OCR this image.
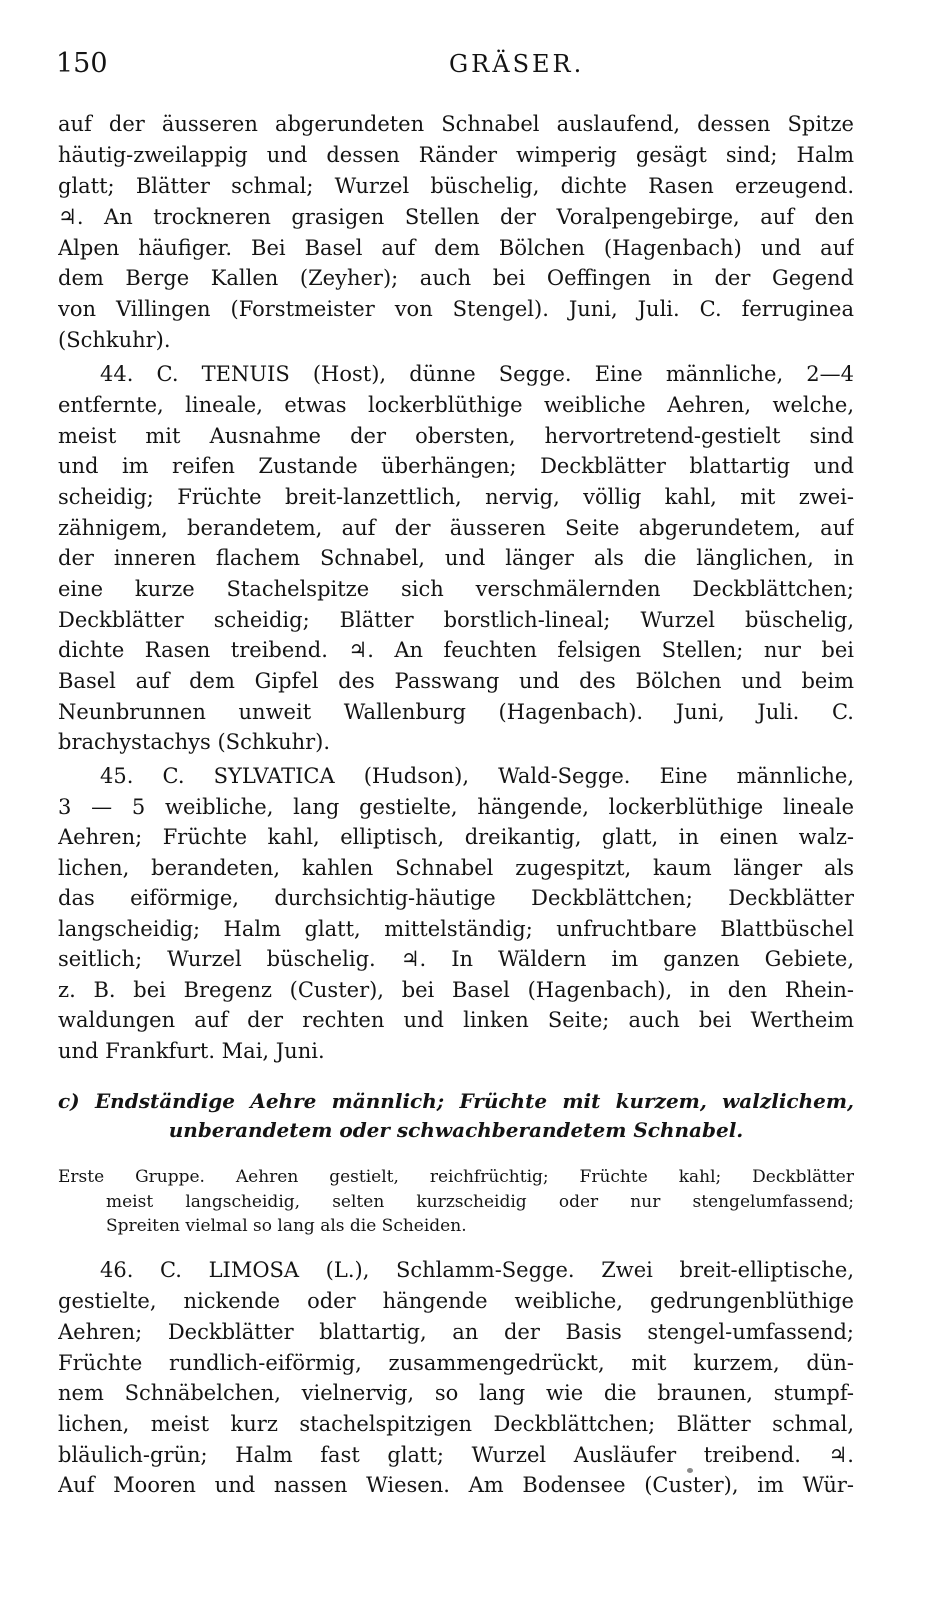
150	GRÄSER.
auf der äusseren abgerundeten Schnabel auslaufend, dessen Spitze
häutig-zweilappig und dessen Ränder wimperig gesägt sind; Halm
glatt; Blätter schmal; Wurzel büschelig, dichte Rasen erzeugend.
♃. An trockneren grasigen Stellen der Voralpengebirge, auf den
Alpen häufiger. Bei Basel auf dem Bölchen (Hagenbach) und auf
dem Berge Kallen (Zeyher); auch bei Oeffingen in der Gegend
von Villingen (Forstmeister von Stengel). Juni, Juli. C. ferruginea
(Schkuhr).
44. C. TENUIS (Host), dünne Segge. Eine männliche, 2—4
entfernte, lineale, etwas lockerblüthige weibliche Aehren, welche,
meist mit Ausnahme der obersten, hervortretend-gestielt sind
und im reifen Zustande überhängen; Deckblätter blattartig und
scheidig; Früchte breit-lanzettlich, nervig, völlig kahl, mit zwei-
zähnigem, berandetem, auf der äusseren Seite abgerundetem, auf
der inneren flachem Schnabel, und länger als die länglichen, in
eine kurze Stachelspitze sich verschmälernden Deckblättchen;
Deckblätter scheidig; Blätter borstlich-lineal; Wurzel büschelig,
dichte Rasen treibend. ♃. An feuchten felsigen Stellen; nur bei
Basel auf dem Gipfel des Passwang und des Bölchen und beim
Neunbrunnen unweit Wallenburg (Hagenbach). Juni, Juli. C.
brachystachys (Schkuhr).
45. C. SYLVATICA (Hudson), Wald-Segge. Eine männliche,
3 — 5 weibliche, lang gestielte, hängende, lockerblüthige lineale
Aehren; Früchte kahl, elliptisch, dreikantig, glatt, in einen walz-
lichen, berandeten, kahlen Schnabel zugespitzt, kaum länger als
das eiförmige, durchsichtig-häutige Deckblättchen; Deckblätter
langscheidig; Halm glatt, mittelständig; unfruchtbare Blattbüschel
seitlich; Wurzel büschelig. ♃. In Wäldern im ganzen Gebiete,
z. B. bei Bregenz (Custer), bei Basel (Hagenbach), in den Rhein-
waldungen auf der rechten und linken Seite; auch bei Wertheim
und Frankfurt. Mai, Juni.
c) Endständige Aehre männlich; Früchte mit kurzem, walzlichem,
unberandetem oder schwachberandetem Schnabel.
Erste Gruppe. Aehren gestielt, reichfrüchtig; Früchte kahl; Deckblätter
meist langscheidig, selten kurzscheidig oder nur stengelumfassend;
Spreiten vielmal so lang als die Scheiden.
46. C. LIMOSA (L.), Schlamm-Segge. Zwei breit-elliptische,
gestielte, nickende oder hängende weibliche, gedrungenblüthige
Aehren; Deckblätter blattartig, an der Basis stengel-umfassend;
Früchte rundlich-eiförmig, zusammengedrückt, mit kurzem, dün-
nem Schnäbelchen, vielnervig, so lang wie die braunen, stumpf-
lichen, meist kurz stachelspitzigen Deckblättchen; Blätter schmal,
bläulich-grün; Halm fast glatt; Wurzel Ausläufer treibend. ♃.
Auf Mooren und nassen Wiesen. Am Bodensee (Custer), im Wür-
